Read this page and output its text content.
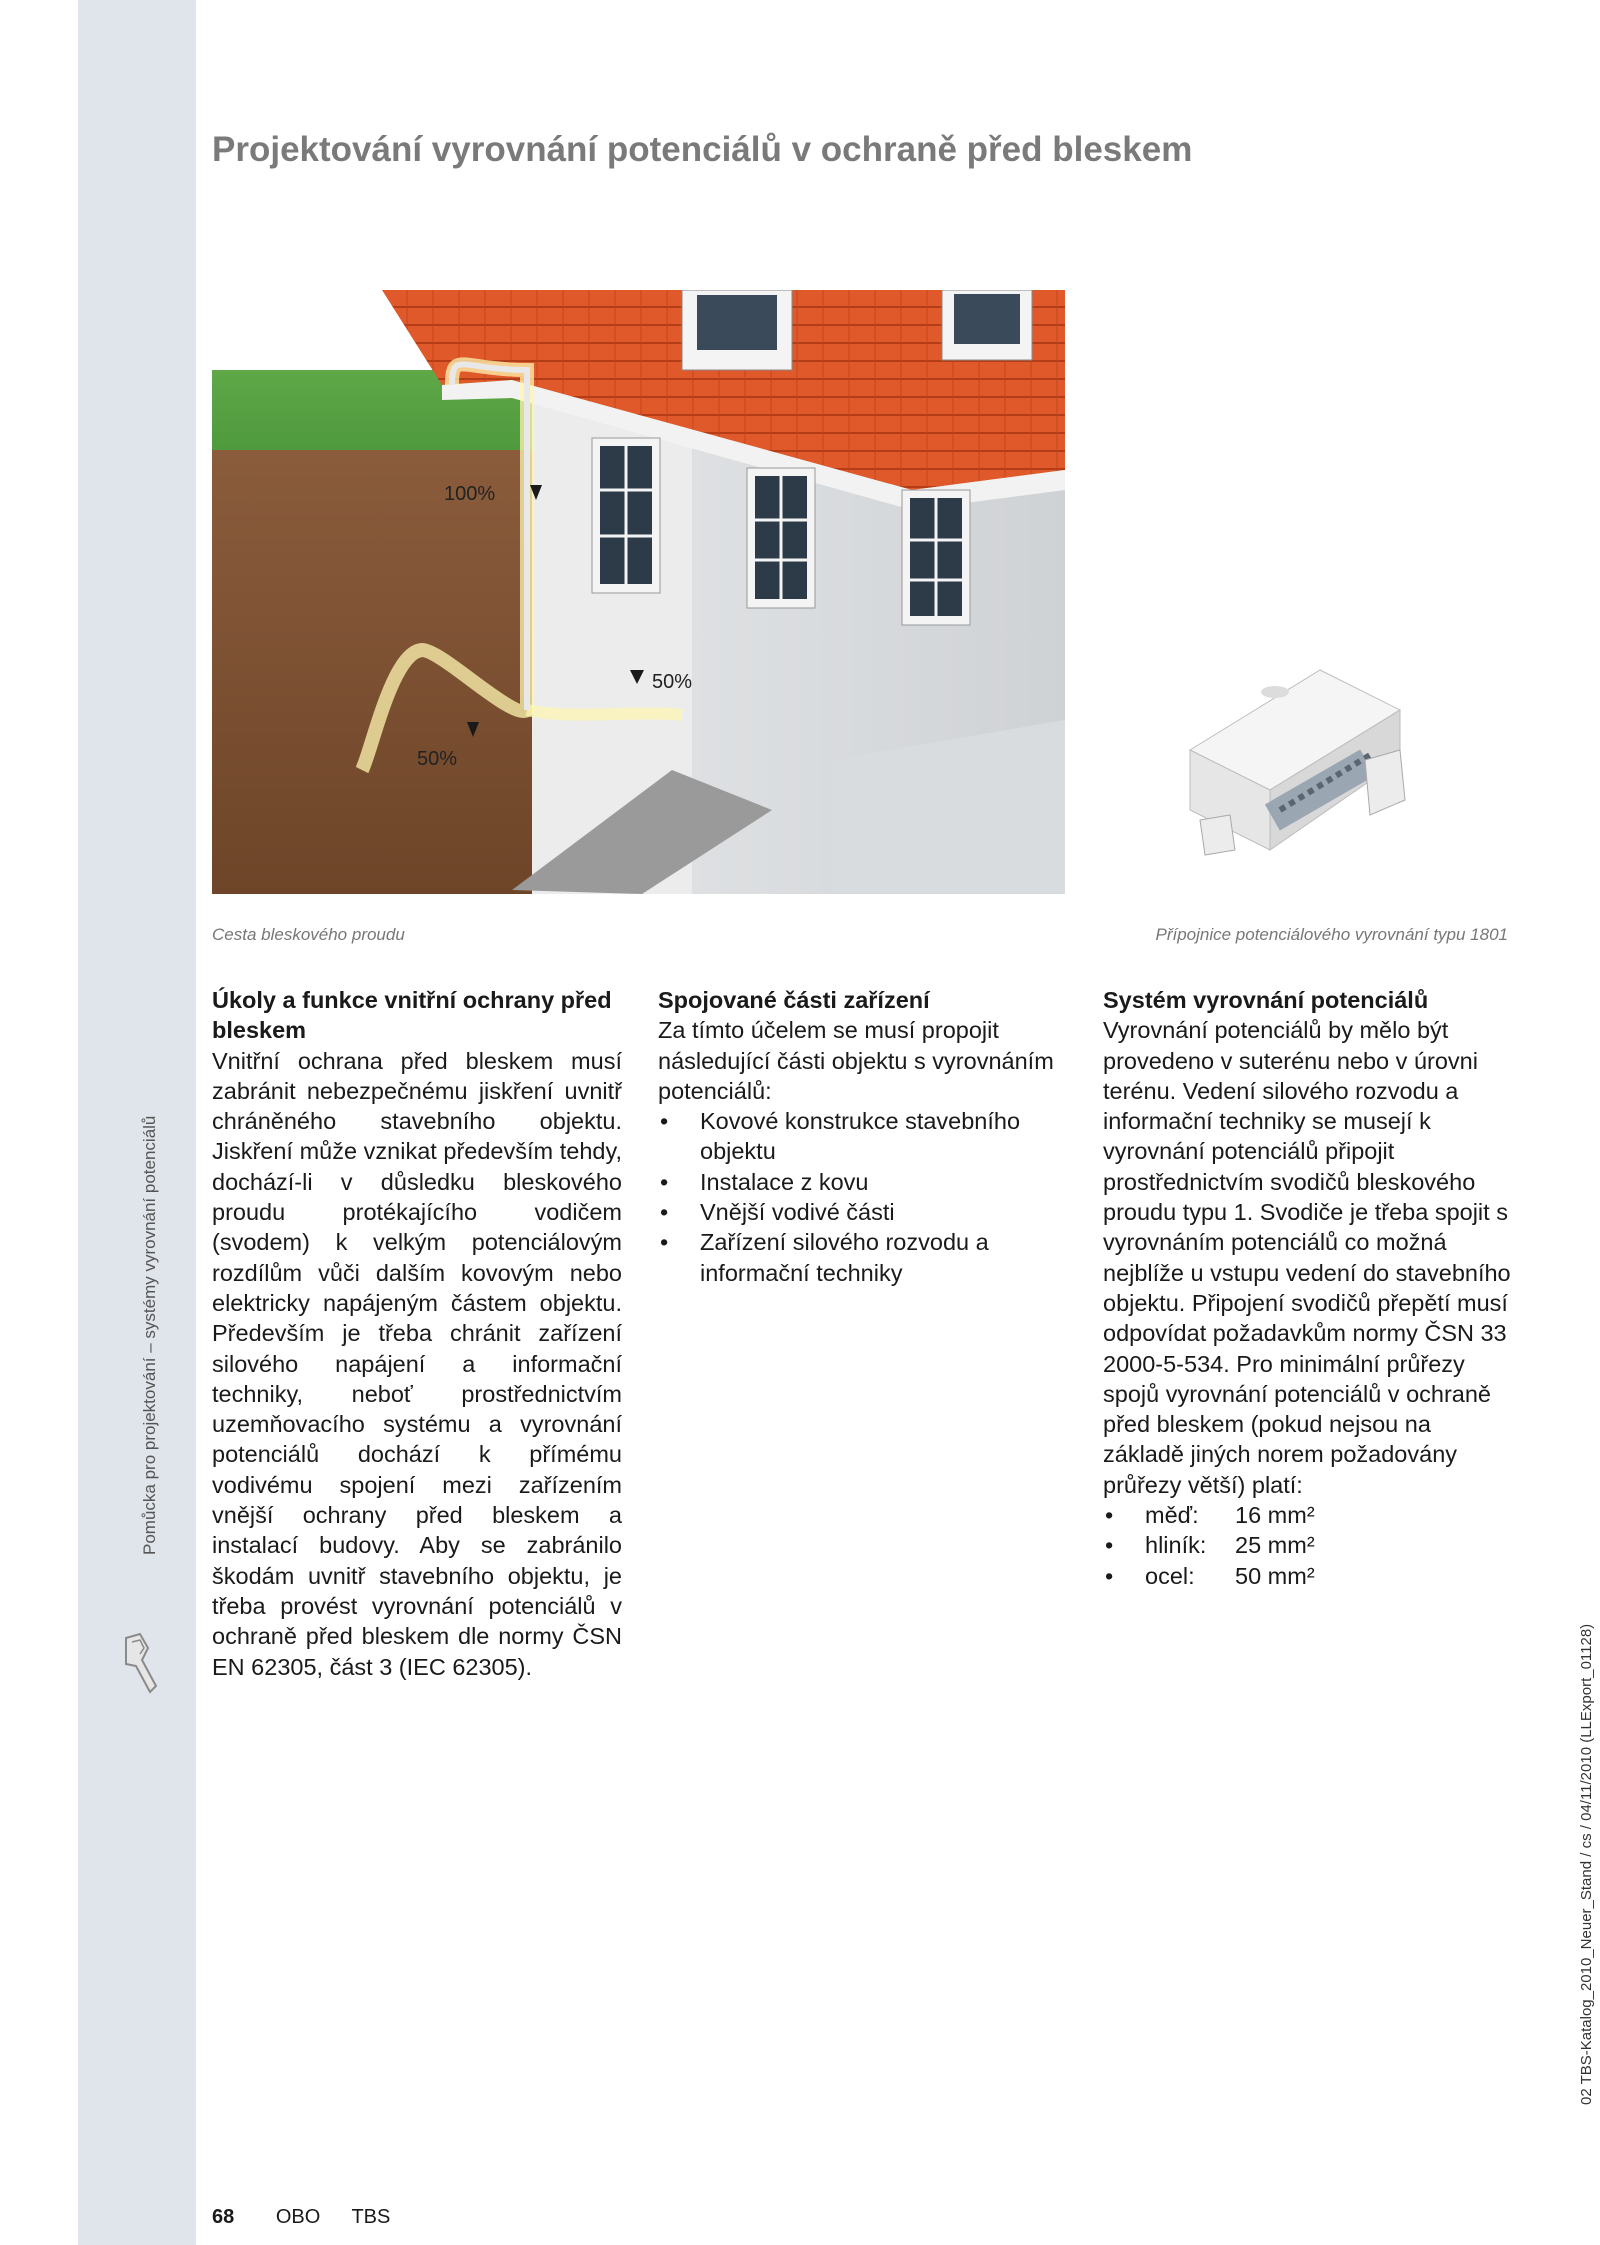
Pomůcka pro projektování – systémy vyrovnání potenciálů
Projektování vyrovnání potenciálů v ochraně před bleskem
100%
50%
50%
Cesta bleskového proudu	Přípojnice potenciálového vyrovnání typu 1801

Úkoly a funkce vnitřní ochrany před bleskem

Vnitřní ochrana před bleskem musí zabránit nebezpečnému jiskření uvnitř chráněného stavebního objektu. Jiskření může vznikat především tehdy, dochází-li v důsledku bleskového proudu protékajícího vodičem (svodem) k velkým potenciálovým rozdílům vůči dalším kovovým nebo elektricky napájeným částem objektu. Především je třeba chránit zařízení silového napájení a informační techniky, neboť prostřednictvím uzemňovacího systému a vyrovnání potenciálů dochází k přímému vodivému spojení mezi zařízením vnější ochrany před bleskem a instalací budovy. Aby se zabránilo škodám uvnitř stavebního objektu, je třeba provést vyrovnání potenciálů v ochraně před bleskem dle normy ČSN EN 62305, část 3 (IEC 62305).

Spojované části zařízení

Za tímto účelem se musí propojit následující části objektu s vyrovnáním potenciálů:

• Kovové konstrukce stavebního objektu
• Instalace z kovu
• Vnější vodivé části
• Zařízení silového rozvodu a informační techniky

Systém vyrovnání potenciálů

Vyrovnání potenciálů by mělo být provedeno v suterénu nebo v úrovni terénu. Vedení silového rozvodu a informační techniky se musejí k vyrovnání potenciálů připojit prostřednictvím svodičů bleskového proudu typu 1. Svodiče je třeba spojit s vyrovnáním potenciálů co možná nejblíže u vstupu vedení do stavebního objektu. Připojení svodičů přepětí musí odpovídat požadavkům normy ČSN 33 2000-5-534. Pro minimální průřezy spojů vyrovnání potenciálů v ochraně před bleskem (pokud nejsou na základě jiných norem požadovány průřezy větší) platí:

• měď: 16 mm²
• hliník: 25 mm²
• ocel: 50 mm²
02 TBS-Katalog_2010_Neuer_Stand / cs / 04/11/2010 (LLExport_01128)
68 OBO TBS
